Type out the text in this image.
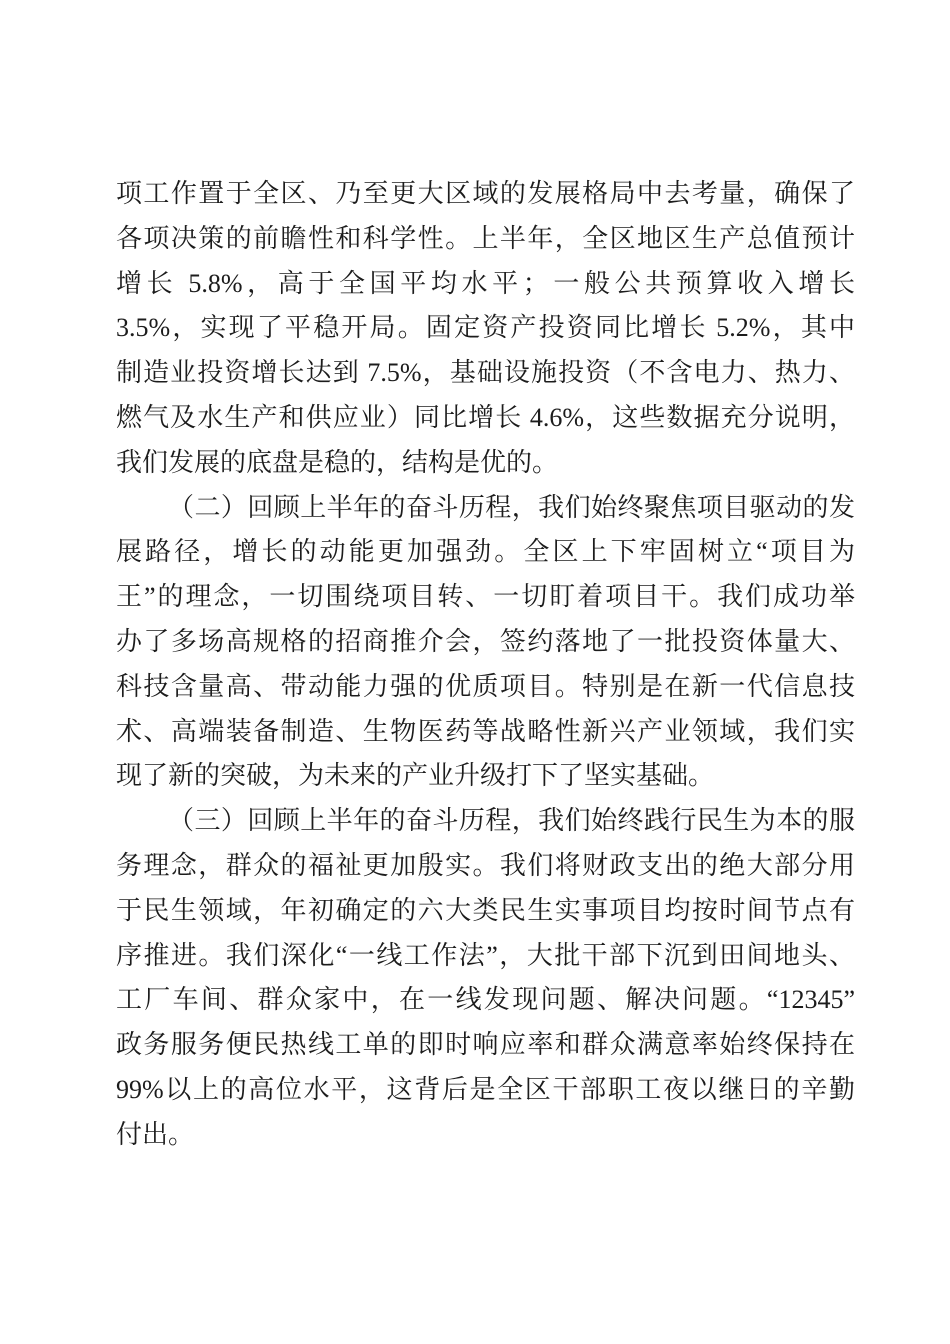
项工作置于全区、乃至更大区域的发展格局中去考量，确保了
各项决策的前瞻性和科学性。上半年，全区地区生产总值预计
增长 5.8%，高于全国平均水平；一般公共预算收入增长
3.5%，实现了平稳开局。固定资产投资同比增长 5.2%，其中
制造业投资增长达到 7.5%，基础设施投资（不含电力、热力、
燃气及水生产和供应业）同比增长 4.6%，这些数据充分说明，
我们发展的底盘是稳的，结构是优的。
（二）回顾上半年的奋斗历程，我们始终聚焦项目驱动的发
展路径，增长的动能更加强劲。全区上下牢固树立“项目为
王”的理念，一切围绕项目转、一切盯着项目干。我们成功举
办了多场高规格的招商推介会，签约落地了一批投资体量大、
科技含量高、带动能力强的优质项目。特别是在新一代信息技
术、高端装备制造、生物医药等战略性新兴产业领域，我们实
现了新的突破，为未来的产业升级打下了坚实基础。
（三）回顾上半年的奋斗历程，我们始终践行民生为本的服
务理念，群众的福祉更加殷实。我们将财政支出的绝大部分用
于民生领域，年初确定的六大类民生实事项目均按时间节点有
序推进。我们深化“一线工作法”，大批干部下沉到田间地头、
工厂车间、群众家中，在一线发现问题、解决问题。“12345”
政务服务便民热线工单的即时响应率和群众满意率始终保持在
99%以上的高位水平，这背后是全区干部职工夜以继日的辛勤
付出。
